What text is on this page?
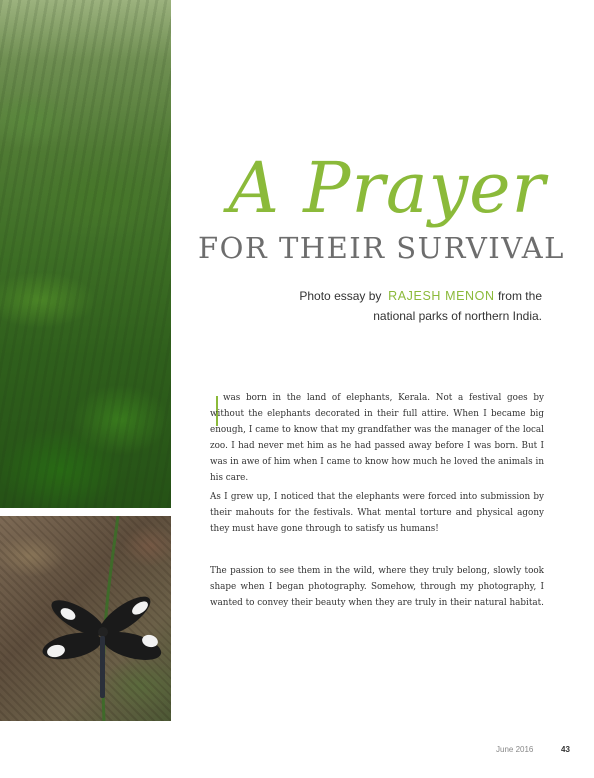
A Prayer
FOR THEIR SURVIVAL

Photo essay by RAJESH MENON from the
national parks of northern India.

was born in the land of elephants, Kerala. Not a festival goes by without the elephants decorated in their full attire. When I became big enough, I came to know that my grandfather was the manager of the local zoo. I had never met him as he had passed away before I was born. But I was in awe of him when I came to know how much he loved the animals in his care.

As I grew up, I noticed that the elephants were forced into submission by their mahouts for the festivals. What mental torture and physical agony they must have gone through to satisfy us humans!

The passion to see them in the wild, where they truly belong, slowly took shape when I began photography. Somehow, through my photography, I wanted to convey their beauty when they are truly in their natural habitat.

June 2016	43
